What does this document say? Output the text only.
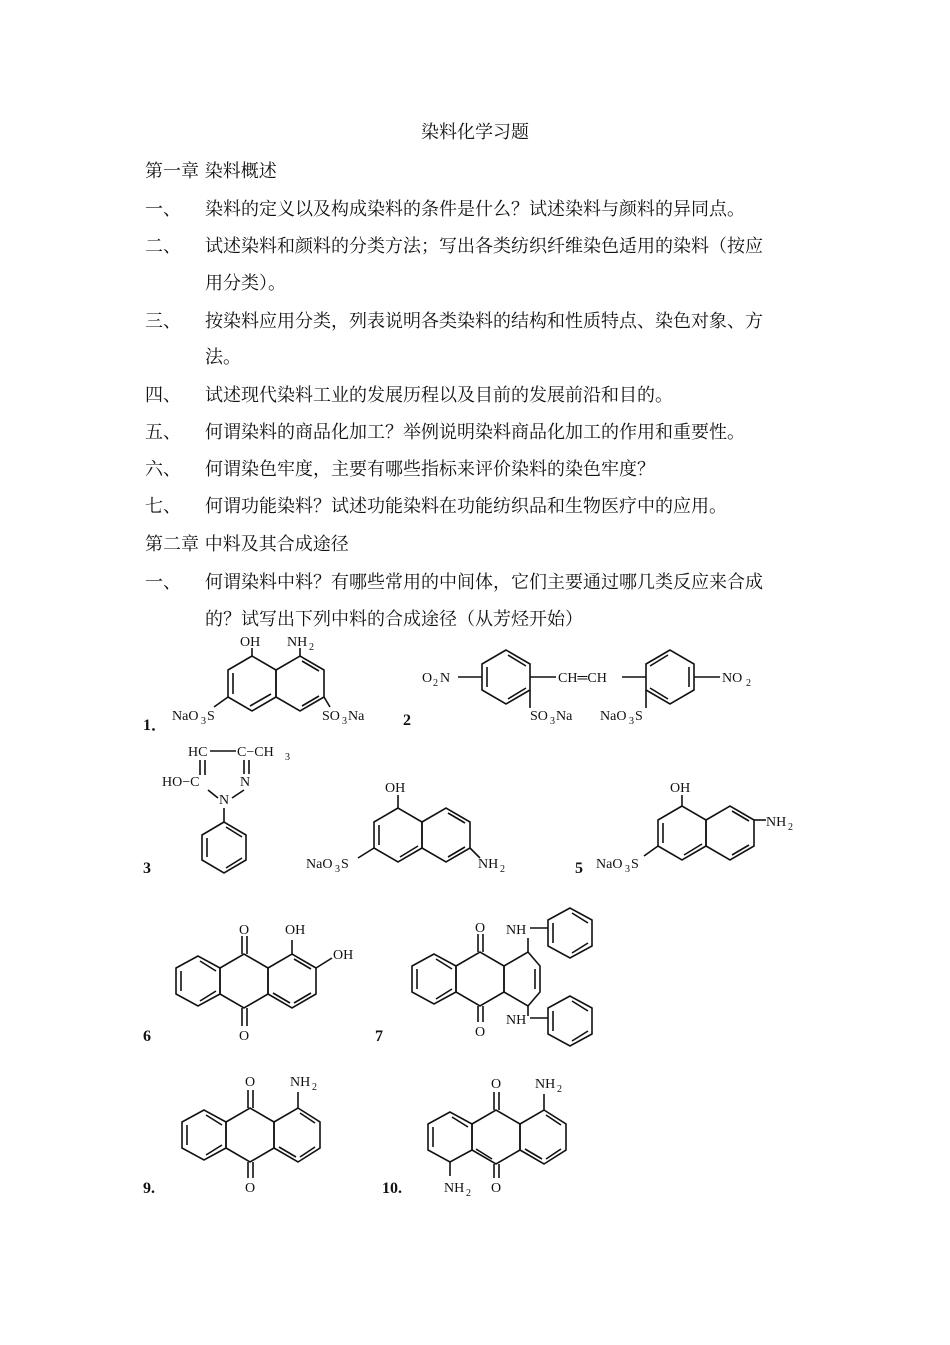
染料化学习题
第一章 染料概述
一、 染料的定义以及构成染料的条件是什么？试述染料与颜料的异同点。
二、 试述染料和颜料的分类方法；写出各类纺织纤维染色适用的染料（按应
用分类）。
三、 按染料应用分类，列表说明各类染料的结构和性质特点、染色对象、方
法。
四、 试述现代染料工业的发展历程以及目前的发展前沿和目的。
五、 何谓染料的商品化加工？举例说明染料商品化加工的作用和重要性。
六、 何谓染色牢度，主要有哪些指标来评价染料的染色牢度？
七、 何谓功能染料？试述功能染料在功能纺织品和生物医疗中的应用。
第二章 中料及其合成途径
一、 何谓染料中料？有哪些常用的中间体，它们主要通过哪几类反应来合成
的？试写出下列中料的合成途径（从芳烃开始）
1．	2
3	5
6	7
9.	10.
OH NH 2
NaO 3 S	SO 3 Na
O 2 N	CH═CH	NO 2
SO 3 Na NaO 3 S
HC C−CH 3
HO−C	N
N
OH
NaO 3 S	NH 2
OH
NaO 3 S
NH 2
O
O
OH
OH
O
O
NH
NH
O
O
NH 2	O
O
NH 2
NH 2
